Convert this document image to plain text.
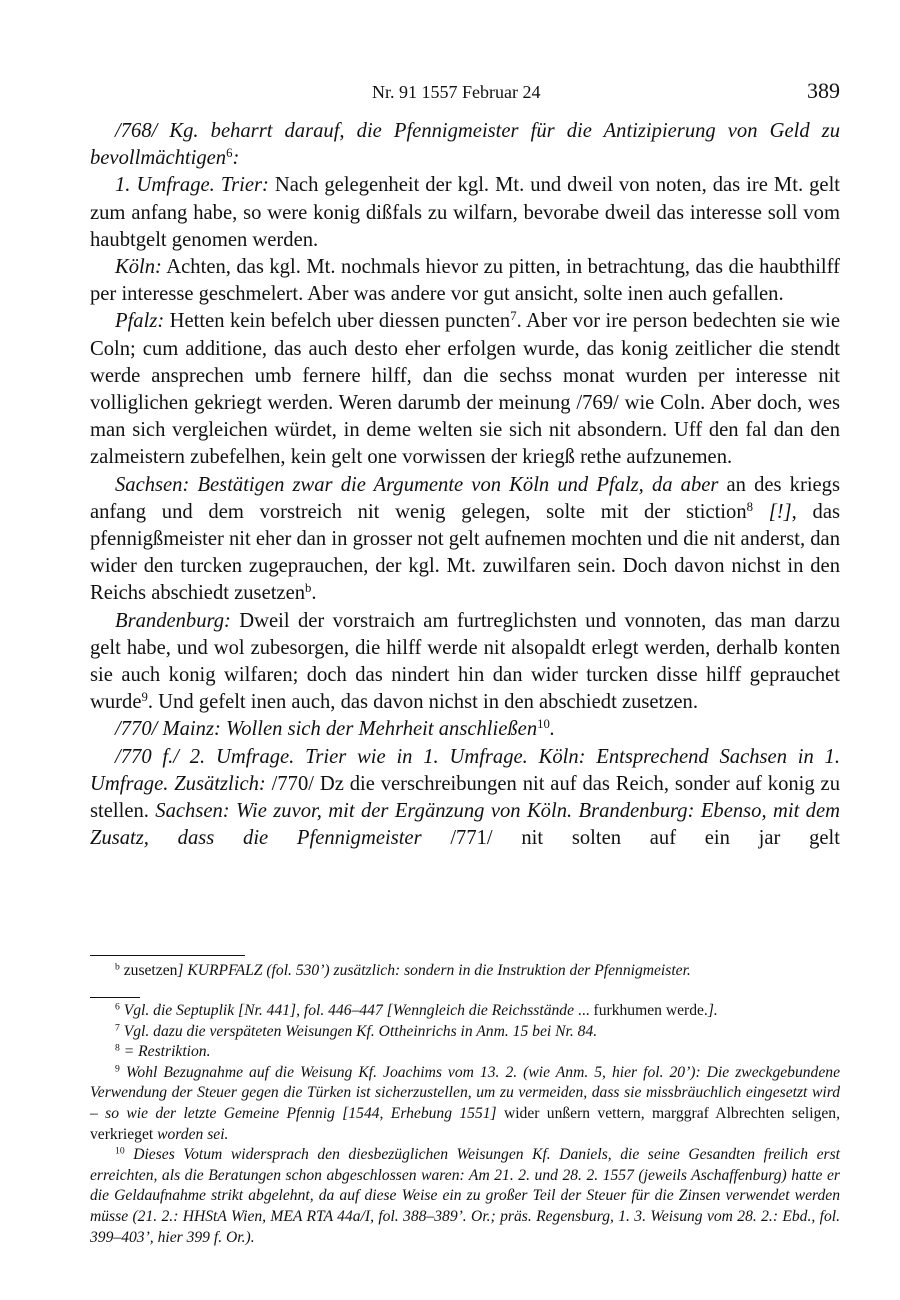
Nr. 91 1557 Februar 24	389

/768/ Kg. beharrt darauf, die Pfennigmeister für die Antizipierung von Geld zu bevollmächtigen$^6$:

1. Umfrage. Trier: Nach gelegenheit der kgl. Mt. und dweil von noten, das ire Mt. gelt zum anfang habe, so were konig dißfals zu wilfarn, bevorabe dweil das interesse soll vom haubtgelt genomen werden.

Köln: Achten, das kgl. Mt. nochmals hievor zu pitten, in betrachtung, das die haubthilff per interesse geschmelert. Aber was andere vor gut ansicht, solte inen auch gefallen.

Pfalz: Hetten kein befelch uber diessen puncten$^7$. Aber vor ire person bedechten sie wie Coln; cum additione, das auch desto eher erfolgen wurde, das konig zeitlicher die stendt werde ansprechen umb fernere hilff, dan die sechss monat wurden per interesse nit volliglichen gekriegt werden. Weren darumb der meinung /769/ wie Coln. Aber doch, wes man sich vergleichen würdet, in deme welten sie sich nit absondern. Uff den fal dan den zalmeistern zubefelhen, kein gelt one vorwissen der kriegß rethe aufzunemen.

Sachsen: Bestätigen zwar die Argumente von Köln und Pfalz, da aber an des kriegs anfang und dem vorstreich nit wenig gelegen, solte mit der stiction$^8$ [!], das pfennigßmeister nit eher dan in grosser not gelt aufnemen mochten und die nit anderst, dan wider den turcken zugeprauchen, der kgl. Mt. zuwilfaren sein. Doch davon nichst in den Reichs abschiedt zusetzen$^b$.

Brandenburg: Dweil der vorstraich am furtreglichsten und vonnoten, das man darzu gelt habe, und wol zubesorgen, die hilff werde nit alsopaldt erlegt werden, derhalb konten sie auch konig wilfaren; doch das nindert hin dan wider turcken disse hilff geprauchet wurde$^9$. Und gefelt inen auch, das davon nichst in den abschiedt zusetzen.

/770/ Mainz: Wollen sich der Mehrheit anschließen$^{10}$.

/770 f./ 2. Umfrage. Trier wie in 1. Umfrage. Köln: Entsprechend Sachsen in 1. Umfrage. Zusätzlich: /770/ Dz die verschreibungen nit auf das Reich, sonder auf konig zu stellen. Sachsen: Wie zuvor, mit der Ergänzung von Köln. Brandenburg: Ebenso, mit dem Zusatz, dass die Pfennigmeister /771/ nit solten auf ein jar gelt

$^b$ zusetzen] KURPFALZ (fol. 530’) zusätzlich: sondern in die Instruktion der Pfennigmeister.

$^6$ Vgl. die Septuplik [Nr. 441], fol. 446–447 [Wenngleich die Reichsstände ... furkhumen werde.].

$^7$ Vgl. dazu die verspäteten Weisungen Kf. Ottheinrichs in Anm. 15 bei Nr. 84.

$^8$ = Restriktion.

$^9$ Wohl Bezugnahme auf die Weisung Kf. Joachims vom 13. 2. (wie Anm. 5, hier fol. 20’): Die zweckgebundene Verwendung der Steuer gegen die Türken ist sicherzustellen, um zu vermeiden, dass sie missbräuchlich eingesetzt wird – so wie der letzte Gemeine Pfennig [1544, Erhebung 1551] wider unßern vettern, marggraf Albrechten seligen, verkrieget worden sei.

$^{10}$ Dieses Votum widersprach den diesbezüglichen Weisungen Kf. Daniels, die seine Gesandten freilich erst erreichten, als die Beratungen schon abgeschlossen waren: Am 21. 2. und 28. 2. 1557 (jeweils Aschaffenburg) hatte er die Geldaufnahme strikt abgelehnt, da auf diese Weise ein zu großer Teil der Steuer für die Zinsen verwendet werden müsse (21. 2.: HHStA Wien, MEA RTA 44a/I, fol. 388–389’. Or.; präs. Regensburg, 1. 3. Weisung vom 28. 2.: Ebd., fol. 399–403’, hier 399 f. Or.).
